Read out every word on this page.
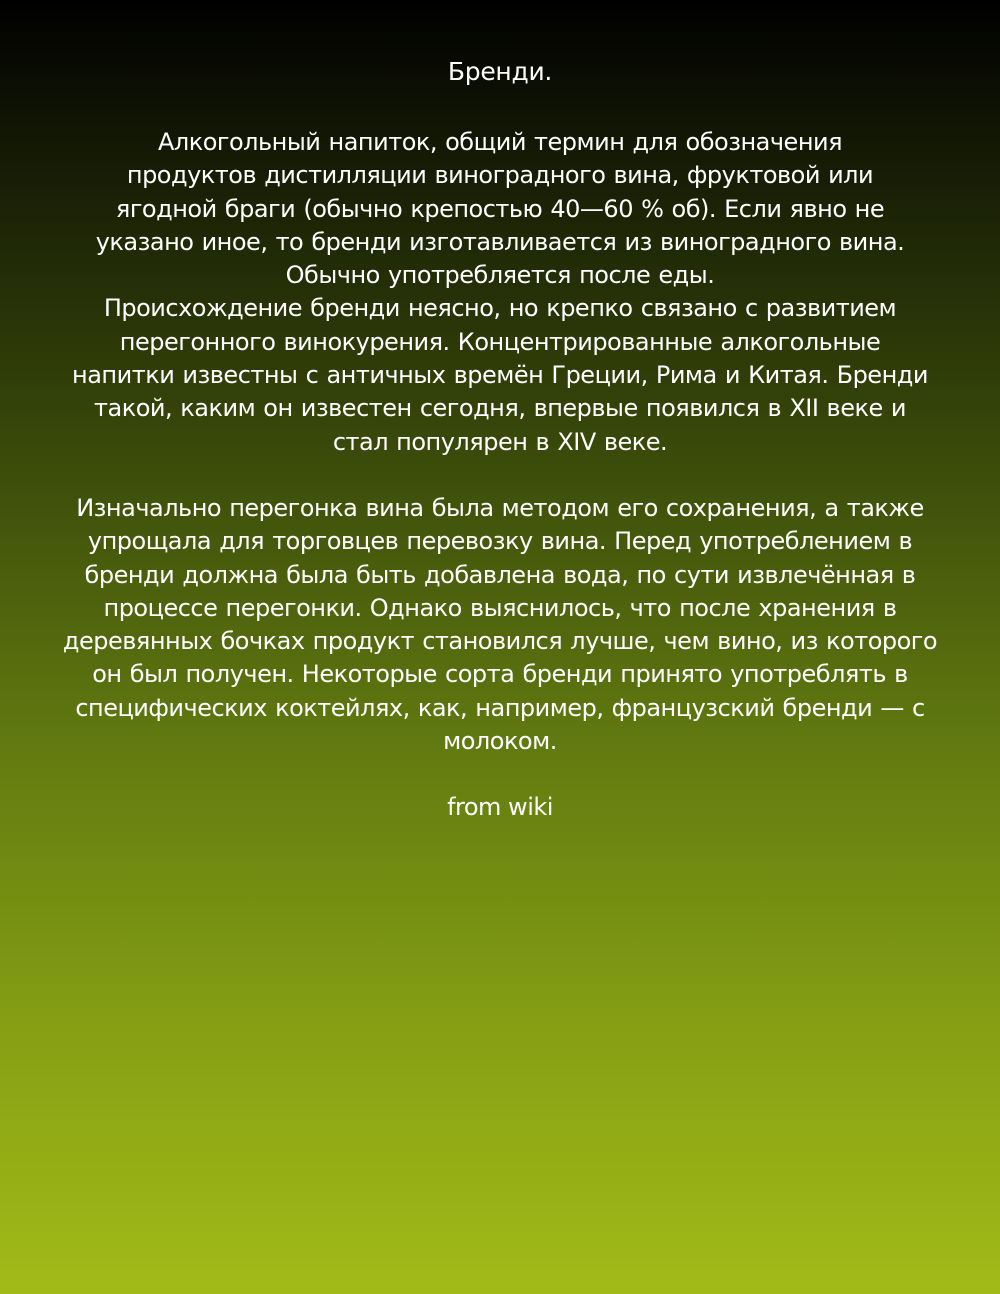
Бренди.

Алкогольный напиток, общий термин для обозначения продуктов дистилляции виноградного вина, фруктовой или ягодной браги (обычно крепостью 40—60 % об). Если явно не указано иное, то бренди изготавливается из виноградного вина. Обычно употребляется после еды.

Происхождение бренди неясно, но крепко связано с развитием перегонного винокурения. Концентрированные алкогольные напитки известны с античных времён Греции, Рима и Китая. Бренди такой, каким он известен сегодня, впервые появился в XII веке и стал популярен в XIV веке.

Изначально перегонка вина была методом его сохранения, а также упрощала для торговцев перевозку вина. Перед употреблением в бренди должна была быть добавлена вода, по сути извлечённая в процессе перегонки. Однако выяснилось, что после хранения в деревянных бочках продукт становился лучше, чем вино, из которого он был получен. Некоторые сорта бренди принято употреблять в специфических коктейлях, как, например, французский бренди — с молоком.

from wiki
